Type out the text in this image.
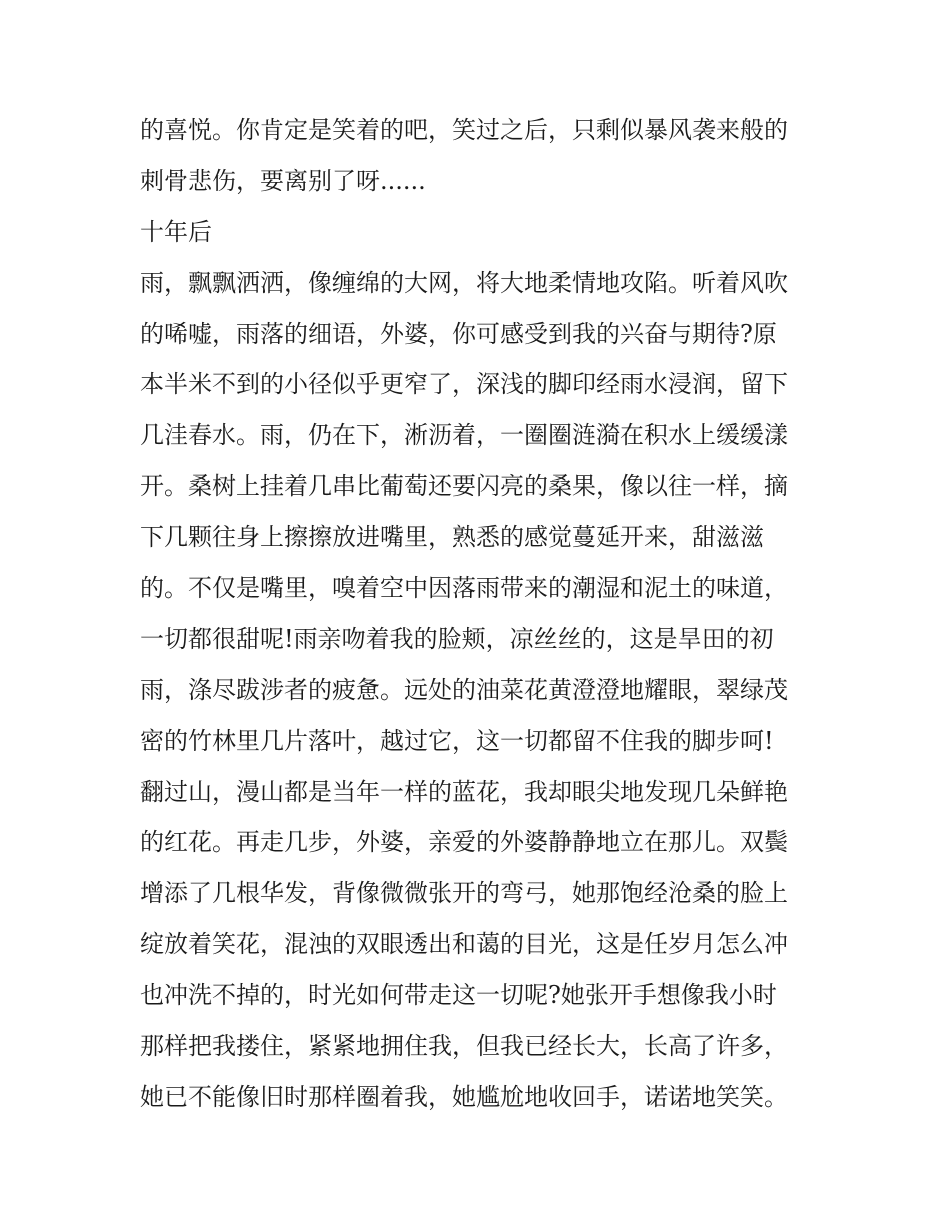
的喜悦。你肯定是笑着的吧，笑过之后，只剩似暴风袭来般的
刺骨悲伤，要离别了呀......
十年后
雨，飘飘洒洒，像缠绵的大网，将大地柔情地攻陷。听着风吹
的唏嘘，雨落的细语，外婆，你可感受到我的兴奋与期待?原
本半米不到的小径似乎更窄了，深浅的脚印经雨水浸润，留下
几洼春水。雨，仍在下，淅沥着，一圈圈涟漪在积水上缓缓漾
开。桑树上挂着几串比葡萄还要闪亮的桑果，像以往一样，摘
下几颗往身上擦擦放进嘴里，熟悉的感觉蔓延开来，甜滋滋
的。不仅是嘴里，嗅着空中因落雨带来的潮湿和泥土的味道，
一切都很甜呢!雨亲吻着我的脸颊，凉丝丝的，这是旱田的初
雨，涤尽跋涉者的疲惫。远处的油菜花黄澄澄地耀眼，翠绿茂
密的竹林里几片落叶，越过它，这一切都留不住我的脚步呵!
翻过山，漫山都是当年一样的蓝花，我却眼尖地发现几朵鲜艳
的红花。再走几步，外婆，亲爱的外婆静静地立在那儿。双鬓
增添了几根华发，背像微微张开的弯弓，她那饱经沧桑的脸上
绽放着笑花，混浊的双眼透出和蔼的目光，这是任岁月怎么冲
也冲洗不掉的，时光如何带走这一切呢?她张开手想像我小时
那样把我搂住，紧紧地拥住我，但我已经长大，长高了许多，
她已不能像旧时那样圈着我，她尴尬地收回手，诺诺地笑笑。
